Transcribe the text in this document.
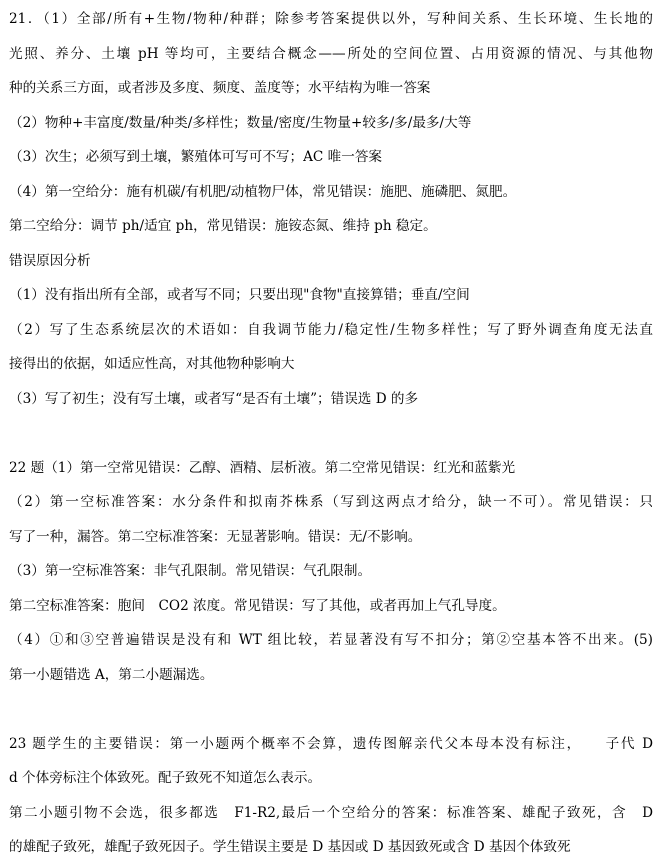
21．（1）全部/所有+生物/物种/种群；除参考答案提供以外，写种间关系、生长环境、生长地的
光照、养分、土壤 pH 等均可，主要结合概念——所处的空间位置、占用资源的情况、与其他物
种的关系三方面，或者涉及多度、频度、盖度等；水平结构为唯一答案
（2）物种+丰富度/数量/种类/多样性；数量/密度/生物量+较多/多/最多/大等
（3）次生；必须写到土壤，繁殖体可写可不写；AC 唯一答案
（4）第一空给分：施有机碳/有机肥/动植物尸体，常见错误：施肥、施磷肥、氮肥。
第二空给分：调节 ph/适宜 ph，常见错误：施铵态氮、维持 ph 稳定。
错误原因分析
（1）没有指出所有全部，或者写不同；只要出现"食物"直接算错；垂直/空间
（2）写了生态系统层次的术语如：自我调节能力/稳定性/生物多样性；写了野外调查角度无法直
接得出的依据，如适应性高，对其他物种影响大
（3）写了初生；没有写土壤，或者写“是否有土壤”；错误选 D 的多
22 题（1）第一空常见错误：乙醇、酒精、层析液。第二空常见错误：红光和蓝紫光
（2）第一空标准答案：水分条件和拟南芥株系（写到这两点才给分，缺一不可）。常见错误：只
写了一种，漏答。第二空标准答案：无显著影响。错误：无/不影响。
（3）第一空标准答案：非气孔限制。常见错误：气孔限制。
第二空标准答案：胞间　CO2 浓度。常见错误：写了其他，或者再加上气孔导度。
（4）①和③空普遍错误是没有和 WT 组比较，若显著没有写不扣分；第②空基本答不出来。(5)
第一小题错选 A，第二小题漏选。
23 题学生的主要错误：第一小题两个概率不会算，遗传图解亲代父本母本没有标注，　　子代 D
d 个体旁标注个体致死。配子致死不知道怎么表示。
第二小题引物不会选，很多都选　F1-R2,最后一个空给分的答案：标准答案、雄配子致死，含　D
的雄配子致死，雄配子致死因子。学生错误主要是 D 基因或 D 基因致死或含 D 基因个体致死
